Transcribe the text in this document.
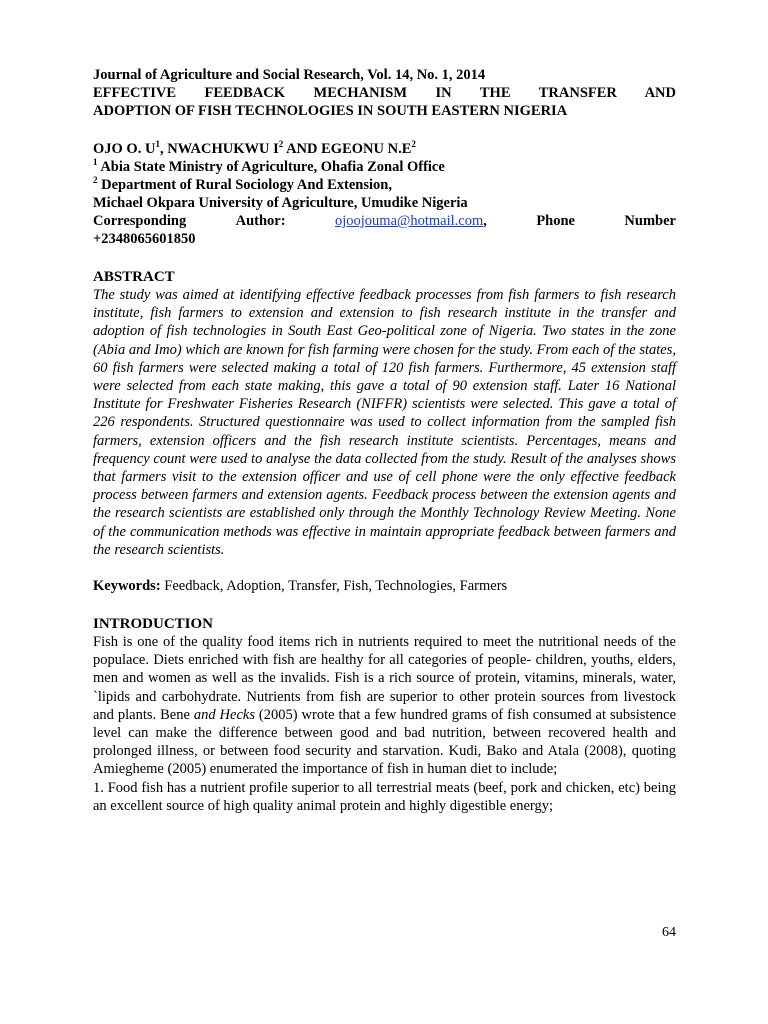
Journal of Agriculture and Social Research, Vol. 14, No. 1, 2014

EFFECTIVE FEEDBACK MECHANISM IN THE TRANSFER AND
ADOPTION OF FISH TECHNOLOGIES IN SOUTH EASTERN NIGERIA

OJO O. $U^1$, NWACHUKWU $I^2$ AND EGEONU $N.E^2$

$^1$ Abia State Ministry of Agriculture, Ohafia Zonal Office

$^2$ Department of Rural Sociology And Extension,

Michael Okpara University of Agriculture, Umudike Nigeria

Corresponding	Author:	ojoojouma@hotmail.com,	Phone	Number

+2348065601850

ABSTRACT

The study was aimed at identifying effective feedback processes from fish farmers to fish research institute, fish farmers to extension and extension to fish research institute in the transfer and adoption of fish technologies in South East Geo-political zone of Nigeria. Two states in the zone (Abia and Imo) which are known for fish farming were chosen for the study. From each of the states, 60 fish farmers were selected making a total of 120 fish farmers. Furthermore, 45 extension staff were selected from each state making, this gave a total of 90 extension staff. Later 16 National Institute for Freshwater Fisheries Research (NIFFR) scientists were selected. This gave a total of 226 respondents. Structured questionnaire was used to collect information from the sampled fish farmers, extension officers and the fish research institute scientists. Percentages, means and frequency count were used to analyse the data collected from the study. Result of the analyses shows that farmers visit to the extension officer and use of cell phone were the only effective feedback process between farmers and extension agents. Feedback process between the extension agents and the research scientists are established only through the Monthly Technology Review Meeting. None of the communication methods was effective in maintain appropriate feedback between farmers and the research scientists.

Keywords: Feedback, Adoption, Transfer, Fish, Technologies, Farmers

INTRODUCTION

Fish is one of the quality food items rich in nutrients required to meet the nutritional needs of the populace. Diets enriched with fish are healthy for all categories of people- children, youths, elders, men and women as well as the invalids. Fish is a rich source of protein, vitamins, minerals, water, `lipids and carbohydrate. Nutrients from fish are superior to other protein sources from livestock and plants. Bene and Hecks (2005) wrote that a few hundred grams of fish consumed at subsistence level can make the difference between good and bad nutrition, between recovered health and prolonged illness, or between food security and starvation. Kudi, Bako and Atala (2008), quoting Amiegheme (2005) enumerated the importance of fish in human diet to include;

1. Food fish has a nutrient profile superior to all terrestrial meats (beef, pork and chicken, etc) being an excellent source of high quality animal protein and highly digestible energy;

64
